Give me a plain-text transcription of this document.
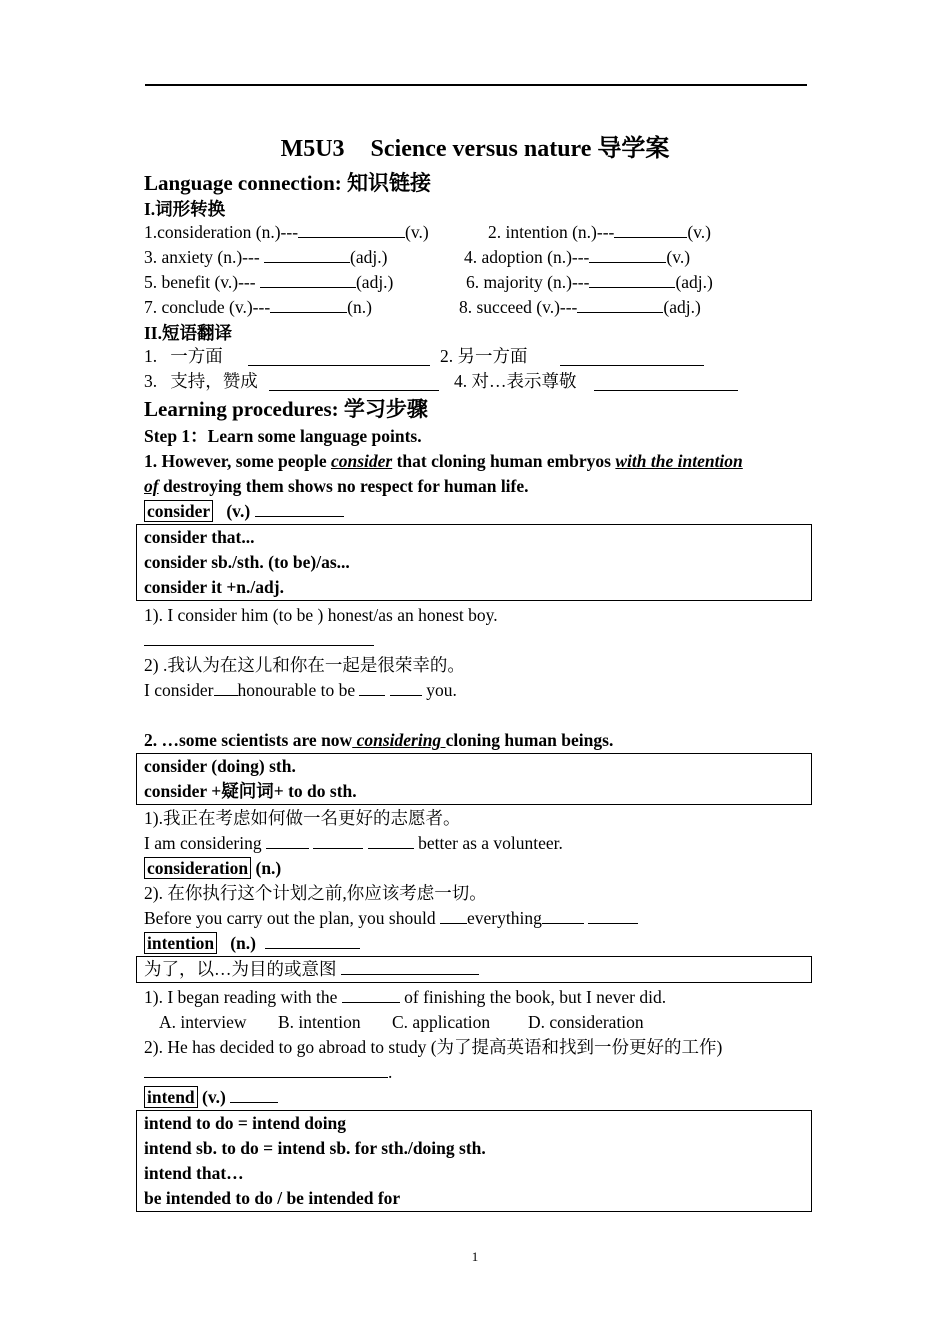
M5U3 Science versus nature 导学案
Language connection: 知识链接
I.词形转换
1.consideration (n.)---	(v.)	2. intention (n.)---	(v.)
3. anxiety (n.)---	(adj.)	4. adoption (n.)---	(v.)
5. benefit (v.)---	(adj.)	6. majority (n.)---	(adj.)
7. conclude (v.)---	(n.)	8. succeed (v.)---	(adj.)
II.短语翻译
1. 一方面	2. 另一方面
3. 支持，赞成	4. 对…表示尊敬
Learning procedures: 学习步骤
Step 1：Learn some language points.
1. However, some people consider that cloning human embryos with the intention
of destroying them shows no respect for human life.
consider (v.)
consider that...
consider sb./sth. (to be)/as...
consider it +n./adj.
1). I consider him (to be ) honest/as an honest boy.
2) .我认为在这儿和你在一起是很荣幸的。
I consider honourable to be	you.
2. …some scientists are now considering cloning human beings.
consider (doing) sth.
consider +疑问词+ to do sth.
1).我正在考虑如何做一名更好的志愿者。
I am considering	better as a volunteer.
consideration (n.)
2). 在你执行这个计划之前,你应该考虑一切。
Before you carry out the plan, you should everything
intention (n.)
为了，以…为目的或意图
1). I began reading with the	of finishing the book, but I never did.
A. interview B. intention C. application D. consideration
2). He has decided to go abroad to study (为了提高英语和找到一份更好的工作)
.
intend (v.)
intend to do = intend doing
intend sb. to do = intend sb. for sth./doing sth.
intend that…
be intended to do / be intended for
1
